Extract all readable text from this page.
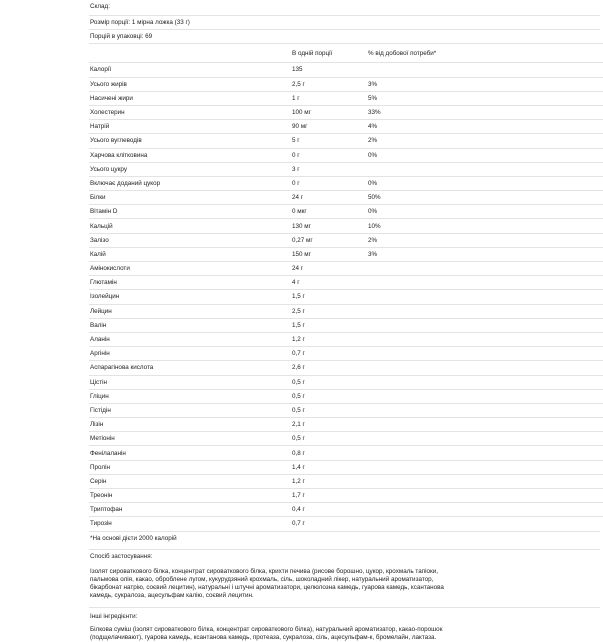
Склад:
Розмір порції: 1 мірна ложка (33 г)
Порцій в упаковці: 69
	В одній порції	% від добової потреби*
Калорії	135	
Усього жирів	2,5 г	3%
Насичені жири	1 г	5%
Холестерин	100 мг	33%
Натрій	90 мг	4%
Усього вуглеводів	5 г	2%
Харчова клітковина	0 г	0%
Усього цукру	3 г	
Включає доданий цукор	0 г	0%
Білки	24 г	50%
Вітамін D	0 мкг	0%
Кальцій	130 мг	10%
Залізо	0,27 мг	2%
Калій	150 мг	3%
Амінокислоти	24 г	
Глютамін	4 г	
Ізолейцин	1,5 г	
Лейцин	2,5 г	
Валін	1,5 г	
Аланін	1,2 г	
Аргінін	0,7 г	
Аспарагінова кислота	2,6 г	
Цістін	0,5 г	
Гліцин	0,5 г	
Гістідін	0,5 г	
Лізін	2,1 г	
Метіонін	0,5 г	
Фенілаланін	0,8 г	
Пролін	1,4 г	
Серін	1,2 г	
Треонін	1,7 г	
Триптофан	0,4 г	
Тирозін	0,7 г	
*На основі дієти 2000 калорій
Спосіб застосування:
Ізолят сироваткового білка, концентрат сироваткового білка, крихти печива (рисове борошно, цукор, крохмаль тапіоки,
пальмова олія, какао, оброблене лугом, кукурудзяний крохмаль, сіль, шоколадний лікер, натуральний ароматизатор,
бікарбонат натрію, соєвий лецитин), натуральні і штучні ароматизатори, целюлозна камедь, гуарова камедь, ксантанова
камедь, сукралоза, ацесульфам калію, соєвий лецитин.
Інші інгредієнти:
Білкова суміш (ізолят сироваткового білка, концентрат сироваткового білка), натуральний ароматизатор, какао-порошок
(подщелачивают), гуарова камедь, ксантанова камедь, протеаза, сукралоза, сіль, ацесульфам-к, бромелайн, лактаза.
